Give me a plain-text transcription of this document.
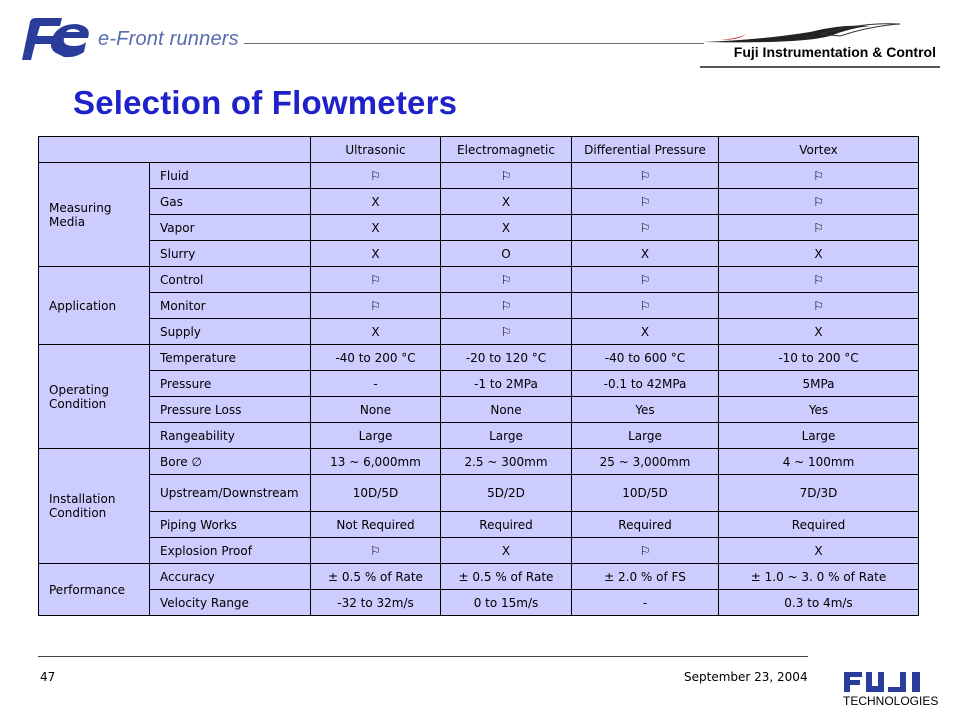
e-Front runners
Fuji Instrumentation & Control
Selection of Flowmeters
		Ultrasonic	Electromagnetic	Differential Pressure	Vortex
Measuring Media	Fluid	⚐	⚐	⚐	⚐
	Gas	X	X	⚐	⚐
	Vapor	X	X	⚐	⚐
	Slurry	X	O	X	X
Application	Control	⚐	⚐	⚐	⚐
	Monitor	⚐	⚐	⚐	⚐
	Supply	X	⚐	X	X
Operating Condition	Temperature	-40 to 200 °C	-20 to 120 °C	-40 to 600 °C	-10 to 200 °C
	Pressure	-	-1 to 2MPa	-0.1 to 42MPa	5MPa
	Pressure Loss	None	None	Yes	Yes
	Rangeability	Large	Large	Large	Large
Installation Condition	Bore ∅	13 ~ 6,000mm	2.5 ~ 300mm	25 ~ 3,000mm	4 ~ 100mm
	Upstream/Downstream	10D/5D	5D/2D	10D/5D	7D/3D
	Piping Works	Not Required	Required	Required	Required
	Explosion Proof	⚐	X	⚐	X
Performance	Accuracy	± 0.5 % of Rate	± 0.5 % of Rate	± 2.0 % of FS	± 1.0 ~ 3. 0 % of Rate
	Velocity Range	-32 to 32m/s	0 to 15m/s	-	0.3 to 4m/s
47	September 23, 2004
TECHNOLOGIES
